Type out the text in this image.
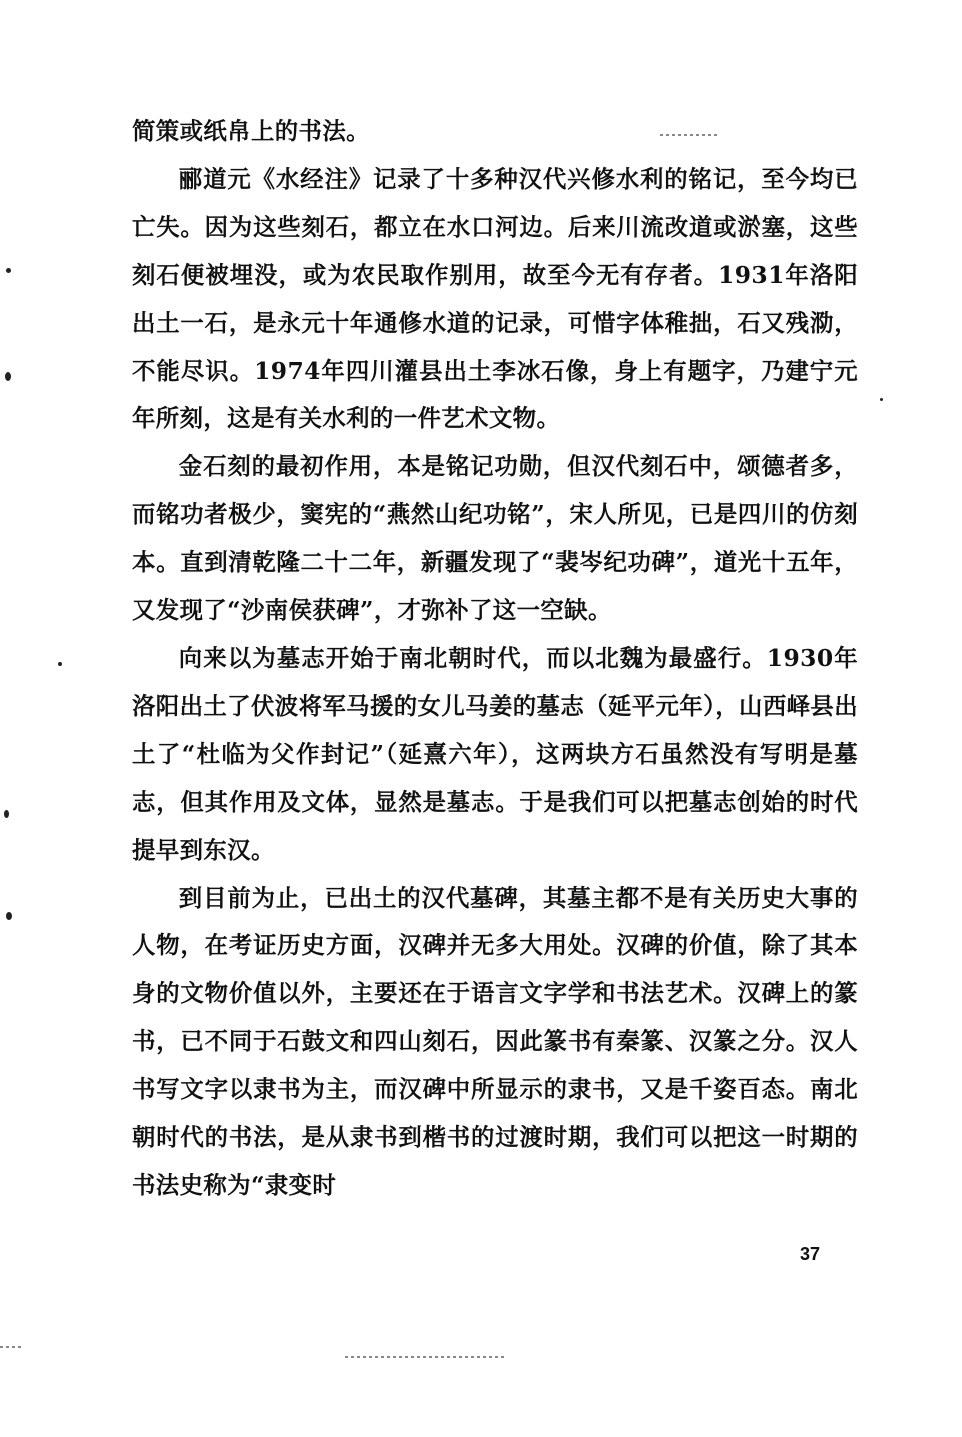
简策或纸帛上的书法。

郦道元《水经注》记录了十多种汉代兴修水利的铭记，至今均已亡失。因为这些刻石，都立在水口河边。后来川流改道或淤塞，这些刻石便被埋没，或为农民取作别用，故至今无有存者。1931年洛阳出土一石，是永元十年通修水道的记录，可惜字体稚拙，石又残泐，不能尽识。1974年四川灌县出土李冰石像，身上有题字，乃建宁元年所刻，这是有关水利的一件艺术文物。

金石刻的最初作用，本是铭记功勋，但汉代刻石中，颂德者多，而铭功者极少，窦宪的“燕然山纪功铭”，宋人所见，已是四川的仿刻本。直到清乾隆二十二年，新疆发现了“裴岑纪功碑”，道光十五年，又发现了“沙南侯获碑”，才弥补了这一空缺。

向来以为墓志开始于南北朝时代，而以北魏为最盛行。1930年洛阳出土了伏波将军马援的女儿马姜的墓志（延平元年），山西峄县出土了“杜临为父作封记”（延熹六年），这两块方石虽然没有写明是墓志，但其作用及文体，显然是墓志。于是我们可以把墓志创始的时代提早到东汉。

到目前为止，已出土的汉代墓碑，其墓主都不是有关历史大事的人物，在考证历史方面，汉碑并无多大用处。汉碑的价值，除了其本身的文物价值以外，主要还在于语言文字学和书法艺术。汉碑上的篆书，已不同于石鼓文和四山刻石，因此篆书有秦篆、汉篆之分。汉人书写文字以隶书为主，而汉碑中所显示的隶书，又是千姿百态。南北朝时代的书法，是从隶书到楷书的过渡时期，我们可以把这一时期的书法史称为“隶变时

37
